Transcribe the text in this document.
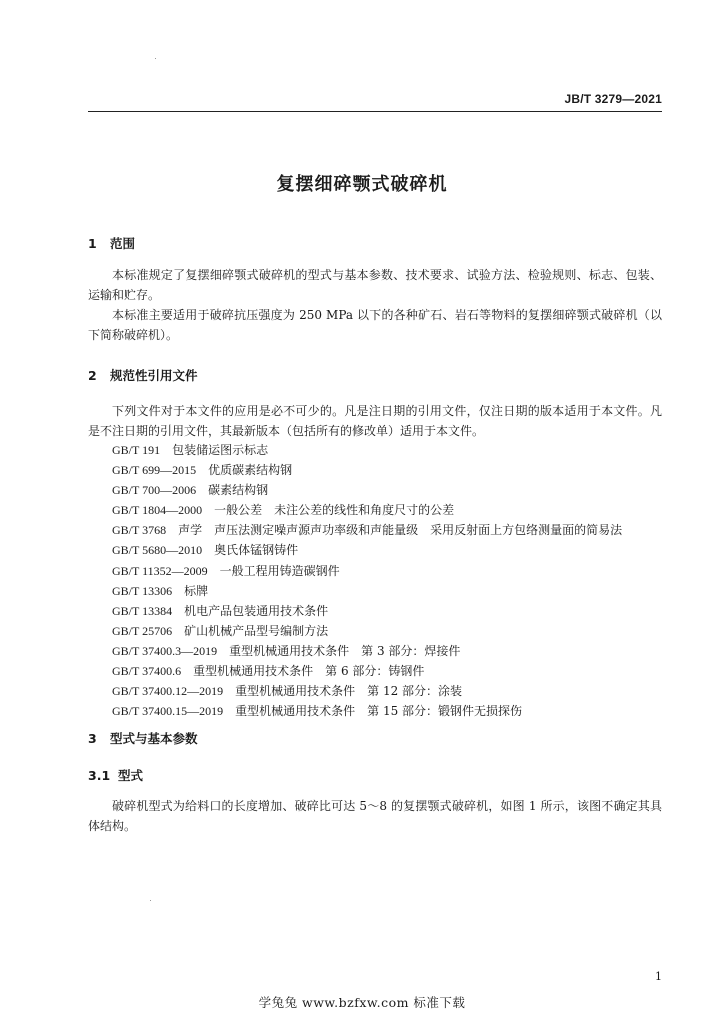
JB/T 3279—2021
复摆细碎颚式破碎机
1 范围
本标准规定了复摆细碎颚式破碎机的型式与基本参数、技术要求、试验方法、检验规则、标志、包装、运输和贮存。
本标准主要适用于破碎抗压强度为 250 MPa 以下的各种矿石、岩石等物料的复摆细碎颚式破碎机（以下简称破碎机）。
2 规范性引用文件
下列文件对于本文件的应用是必不可少的。凡是注日期的引用文件，仅注日期的版本适用于本文件。凡是不注日期的引用文件，其最新版本（包括所有的修改单）适用于本文件。
GB/T 191 包装储运图示标志
GB/T 699—2015 优质碳素结构钢
GB/T 700—2006 碳素结构钢
GB/T 1804—2000 一般公差　未注公差的线性和角度尺寸的公差
GB/T 3768 声学　声压法测定噪声源声功率级和声能量级　采用反射面上方包络测量面的简易法
GB/T 5680—2010 奥氏体锰钢铸件
GB/T 11352—2009 一般工程用铸造碳钢件
GB/T 13306 标牌
GB/T 13384 机电产品包装通用技术条件
GB/T 25706 矿山机械产品型号编制方法
GB/T 37400.3—2019 重型机械通用技术条件　第 3 部分：焊接件
GB/T 37400.6 重型机械通用技术条件　第 6 部分：铸钢件
GB/T 37400.12—2019 重型机械通用技术条件　第 12 部分：涂装
GB/T 37400.15—2019 重型机械通用技术条件　第 15 部分：锻钢件无损探伤
3 型式与基本参数
3.1 型式
破碎机型式为给料口的长度增加、破碎比可达 5～8 的复摆颚式破碎机，如图 1 所示，该图不确定其具体结构。
1
学兔兔 www.bzfxw.com 标准下载
